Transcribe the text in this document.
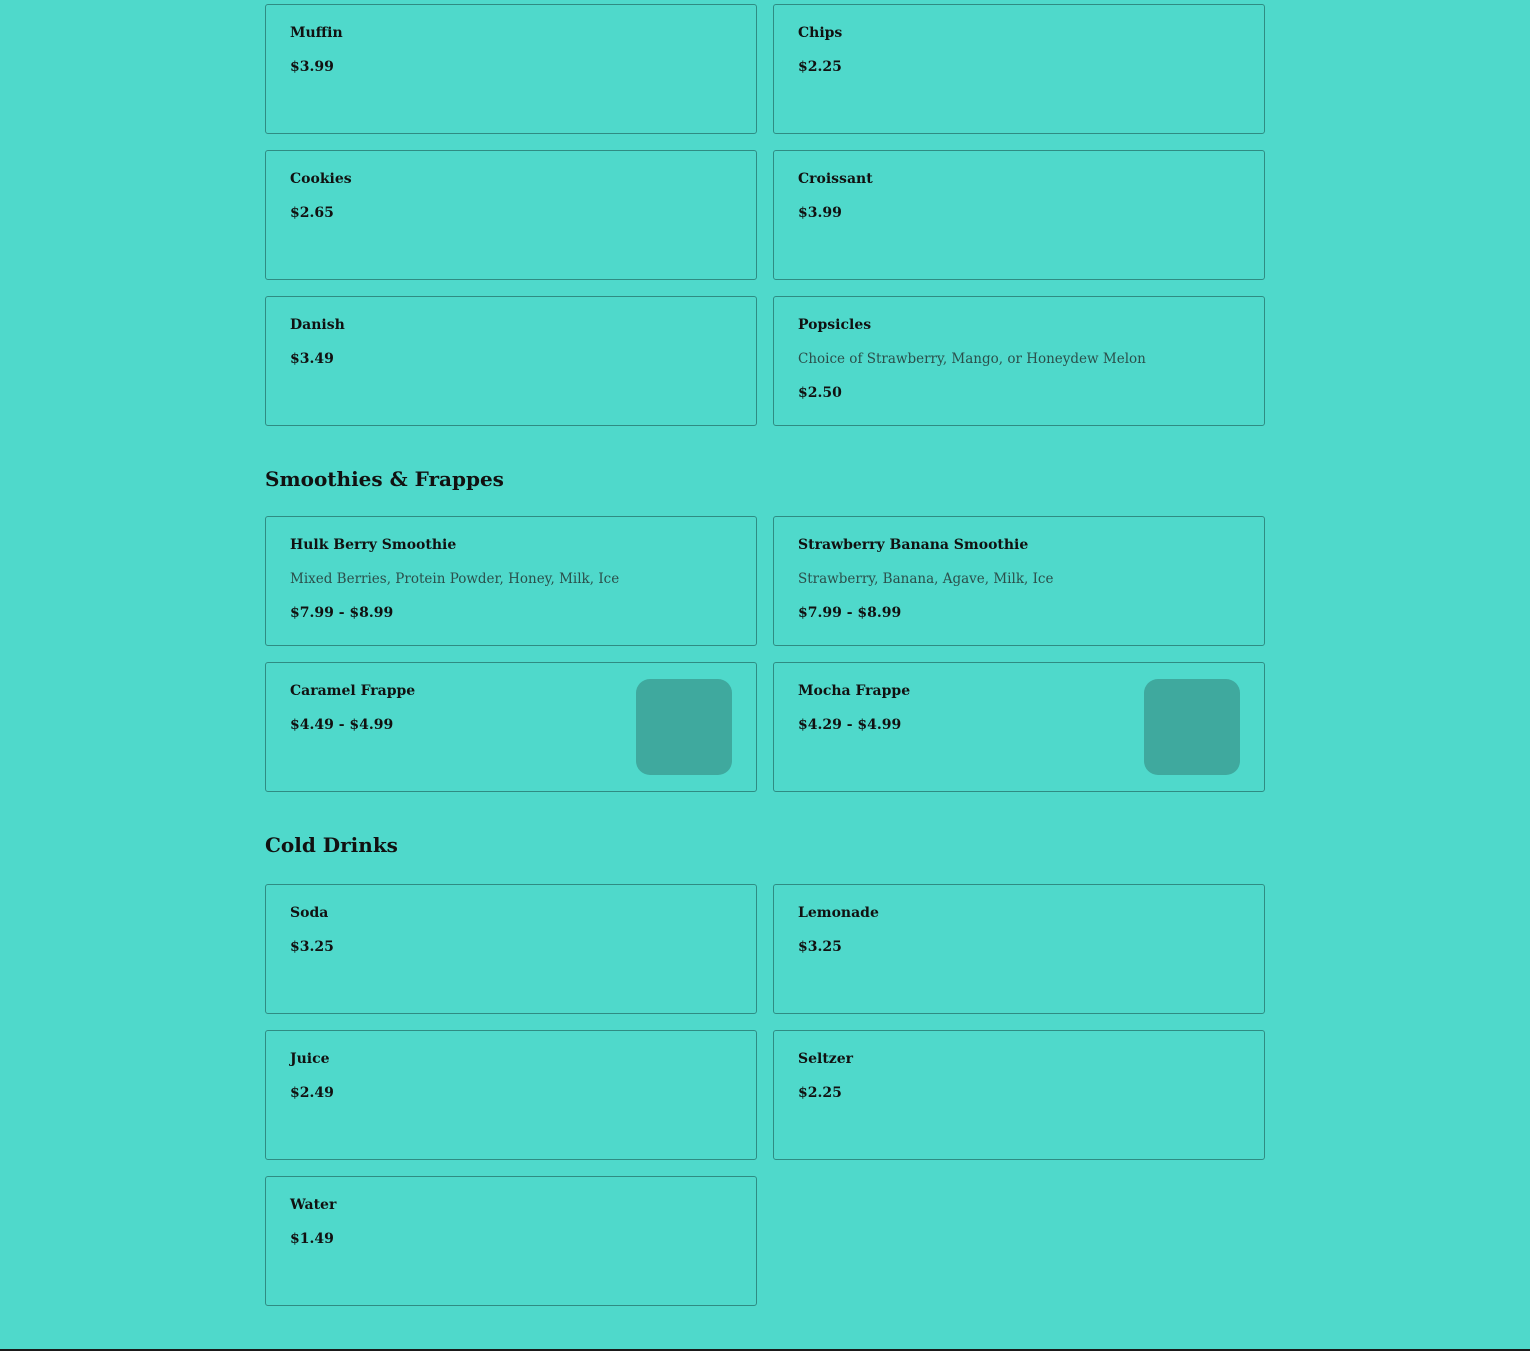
Muffin

$3.99

Chips

$2.25

Cookies

$2.65

Croissant

$3.99

Danish

$3.49

Popsicles

Choice of Strawberry, Mango, or Honeydew Melon

$2.50

Smoothies & Frappes

Hulk Berry Smoothie

Mixed Berries, Protein Powder, Honey, Milk, Ice

$7.99 - $8.99

Strawberry Banana Smoothie

Strawberry, Banana, Agave, Milk, Ice

$7.99 - $8.99

Caramel Frappe

$4.49 - $4.99

Mocha Frappe

$4.29 - $4.99

Cold Drinks

Soda

$3.25

Lemonade

$3.25

Juice

$2.49

Seltzer

$2.25

Water

$1.49
